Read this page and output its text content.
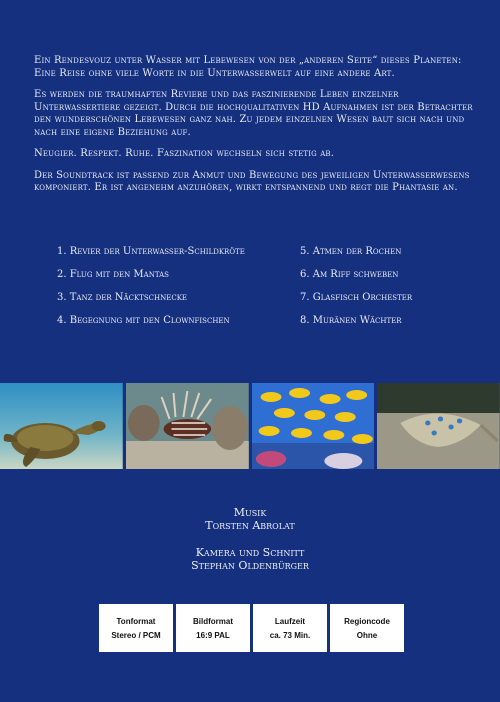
Ein Rendesvouz unter Wasser mit Lebewesen von der „anderen Seite“ dieses Planeten: Eine Reise ohne viele Worte in die Unterwasserwelt auf eine andere Art.

Es werden die traumhaften Reviere und das faszinierende Leben einzelner Unterwassertiere gezeigt. Durch die hochqualitativen HD Aufnahmen ist der Betrachter den wunderschönen Lebewesen ganz nah. Zu jedem einzelnen Wesen baut sich nach und nach eine eigene Beziehung auf.

Neugier. Respekt. Ruhe. Faszination wechseln sich stetig ab.

Der Soundtrack ist passend zur Anmut und Bewegung des jeweiligen Unterwasserwesens komponiert. Er ist angenehm anzuhören, wirkt entspannend und regt die Phantasie an.

1. Revier der Unterwasser-Schildkröte	5. Atmen der Rochen
2. Flug mit den Mantas	6. Am Riff schweben
3. Tanz der Näcktschnecke	7. Glasfisch Orchester
4. Begegnung mit den Clownfischen	8. Muränen Wächter
Musik
Torsten Abrolat
Kamera und Schnitt
Stephan Oldenbürger
Tonformat
Stereo / PCM
Bildformat
16:9 PAL
Laufzeit
ca. 73 Min.
Regioncode
Ohne
